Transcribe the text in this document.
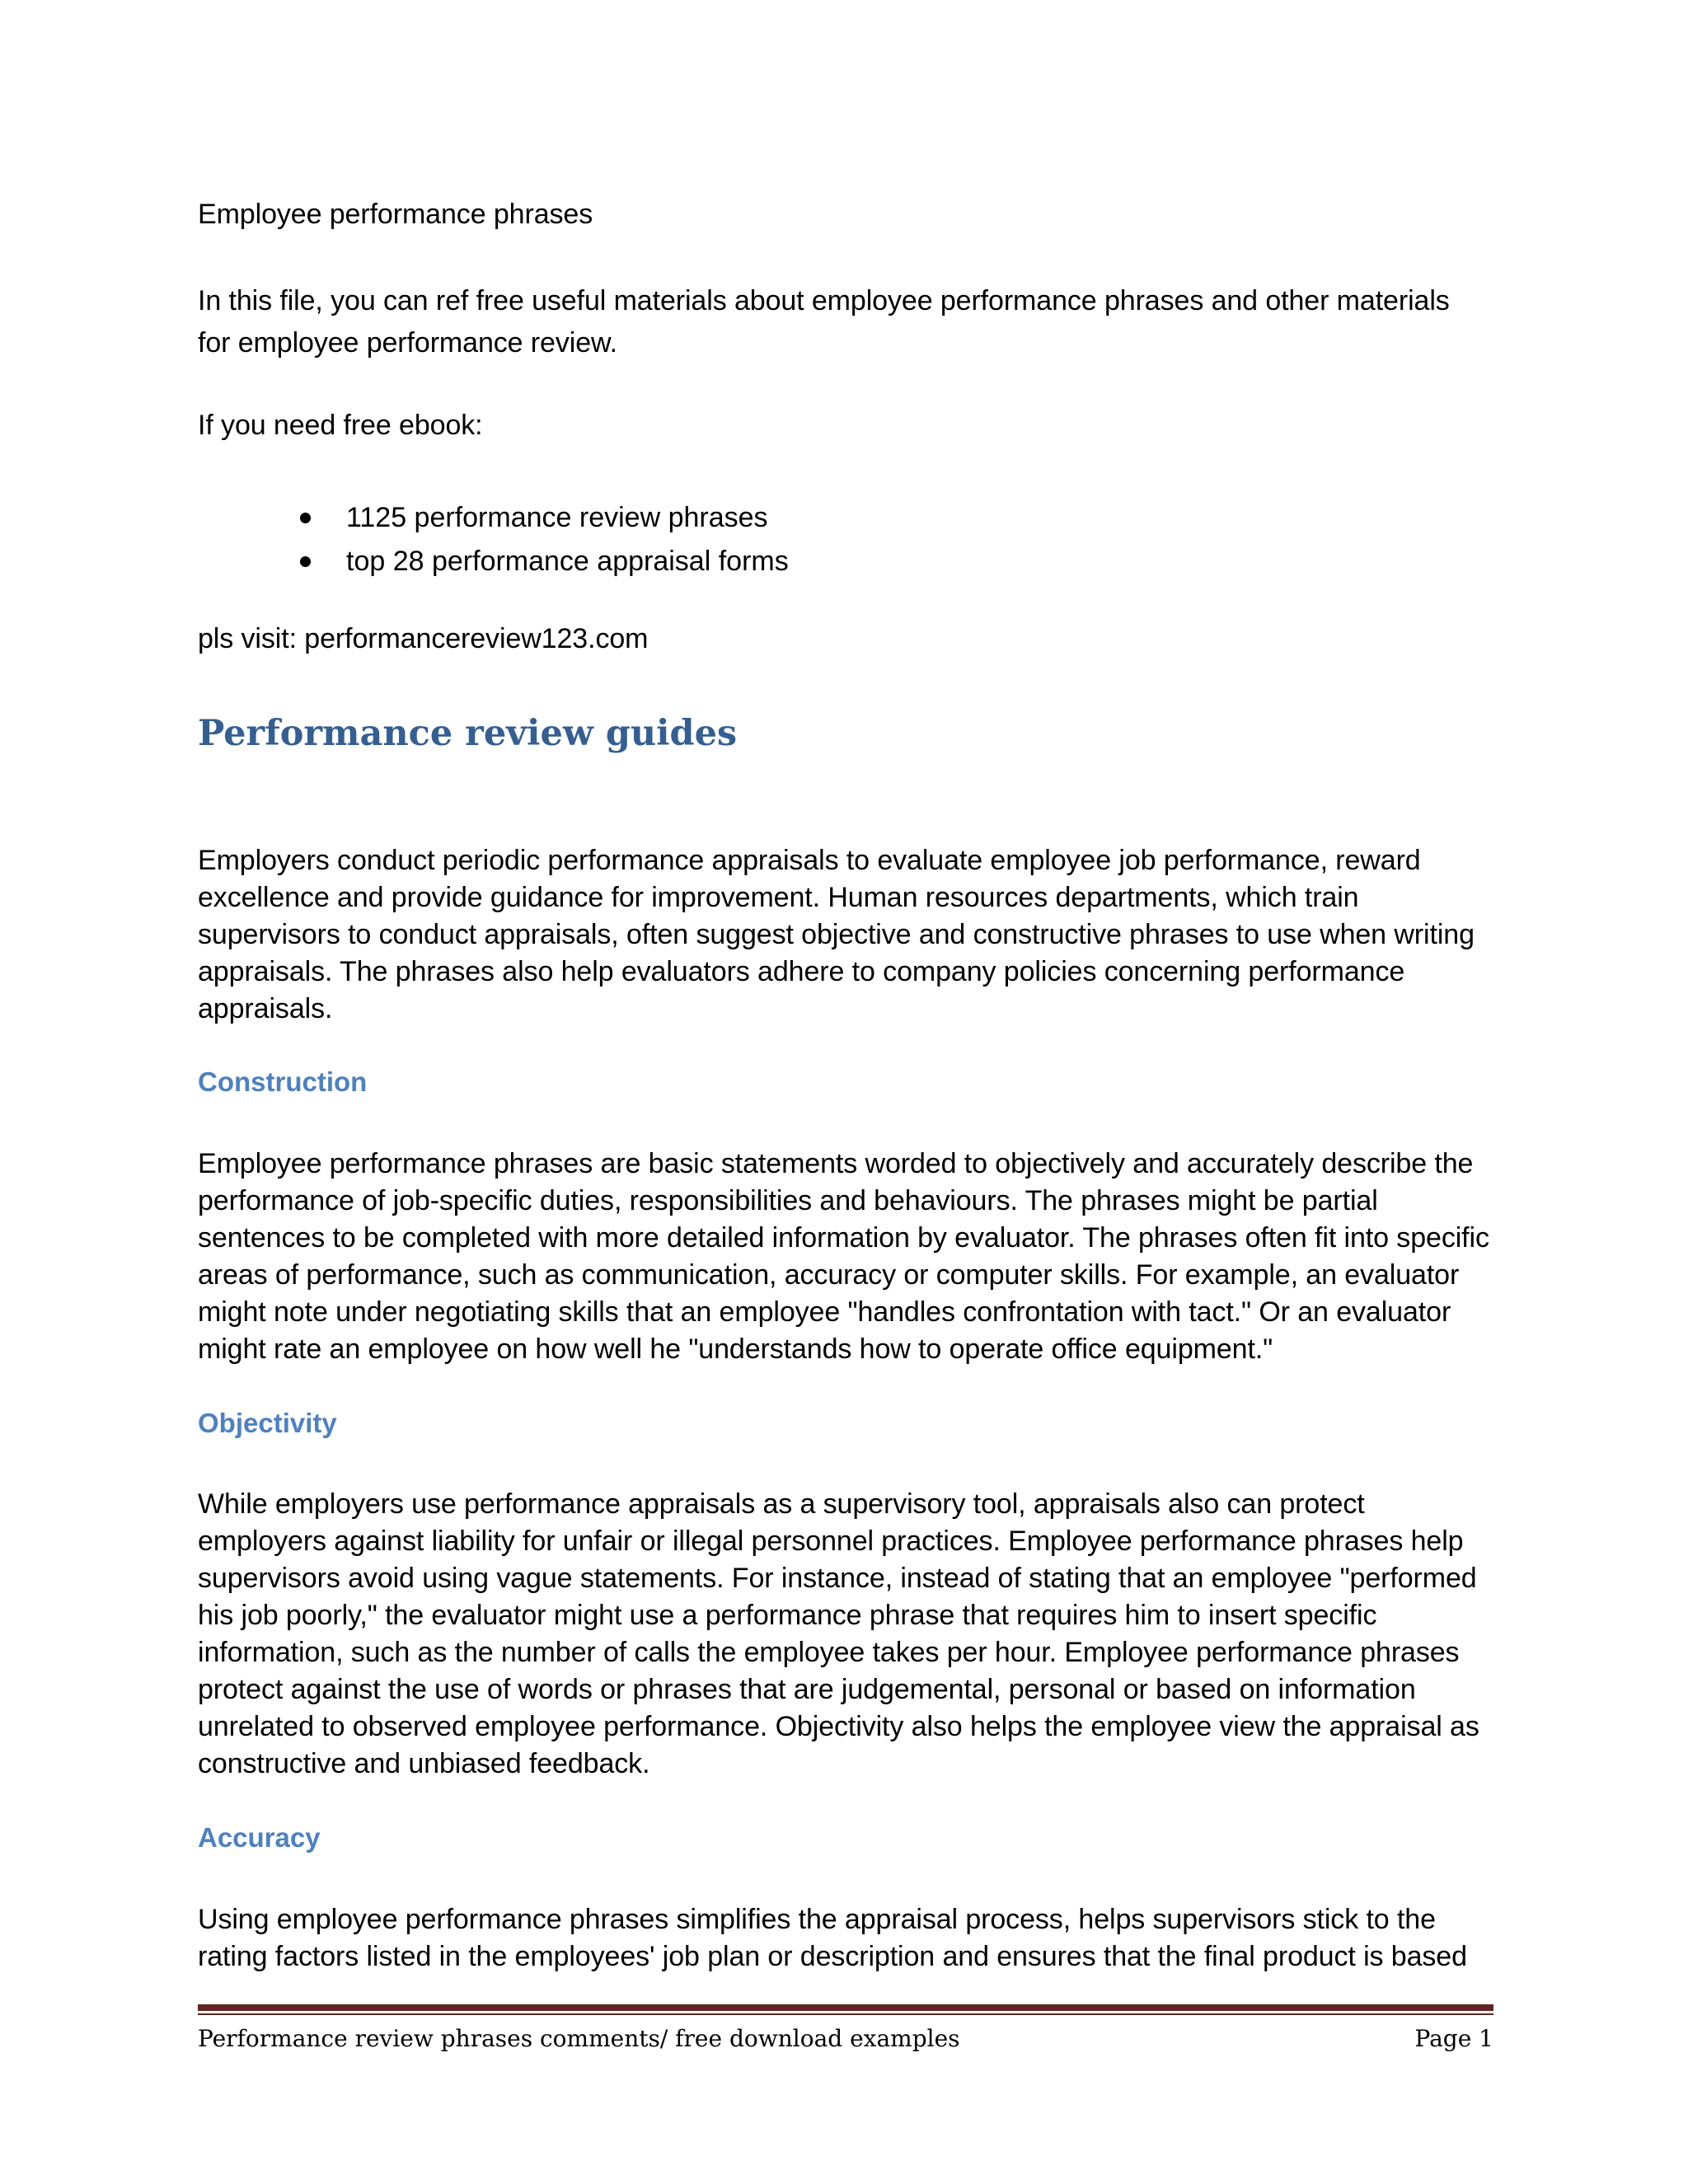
Employee performance phrases

In this file, you can ref free useful materials about employee performance phrases and other materials for employee performance review.

If you need free ebook:

1125 performance review phrases
top 28 performance appraisal forms

pls visit: performancereview123.com

Performance review guides

Employers conduct periodic performance appraisals to evaluate employee job performance, reward excellence and provide guidance for improvement. Human resources departments, which train supervisors to conduct appraisals, often suggest objective and constructive phrases to use when writing appraisals. The phrases also help evaluators adhere to company policies concerning performance appraisals.

Construction

Employee performance phrases are basic statements worded to objectively and accurately describe the performance of job-specific duties, responsibilities and behaviours. The phrases might be partial sentences to be completed with more detailed information by evaluator. The phrases often fit into specific areas of performance, such as communication, accuracy or computer skills. For example, an evaluator might note under negotiating skills that an employee "handles confrontation with tact." Or an evaluator might rate an employee on how well he "understands how to operate office equipment."

Objectivity

While employers use performance appraisals as a supervisory tool, appraisals also can protect employers against liability for unfair or illegal personnel practices. Employee performance phrases help supervisors avoid using vague statements. For instance, instead of stating that an employee "performed his job poorly," the evaluator might use a performance phrase that requires him to insert specific information, such as the number of calls the employee takes per hour. Employee performance phrases protect against the use of words or phrases that are judgemental, personal or based on information unrelated to observed employee performance. Objectivity also helps the employee view the appraisal as constructive and unbiased feedback.

Accuracy

Using employee performance phrases simplifies the appraisal process, helps supervisors stick to the rating factors listed in the employees' job plan or description and ensures that the final product is based

Performance review phrases comments/ free download examples	Page 1
